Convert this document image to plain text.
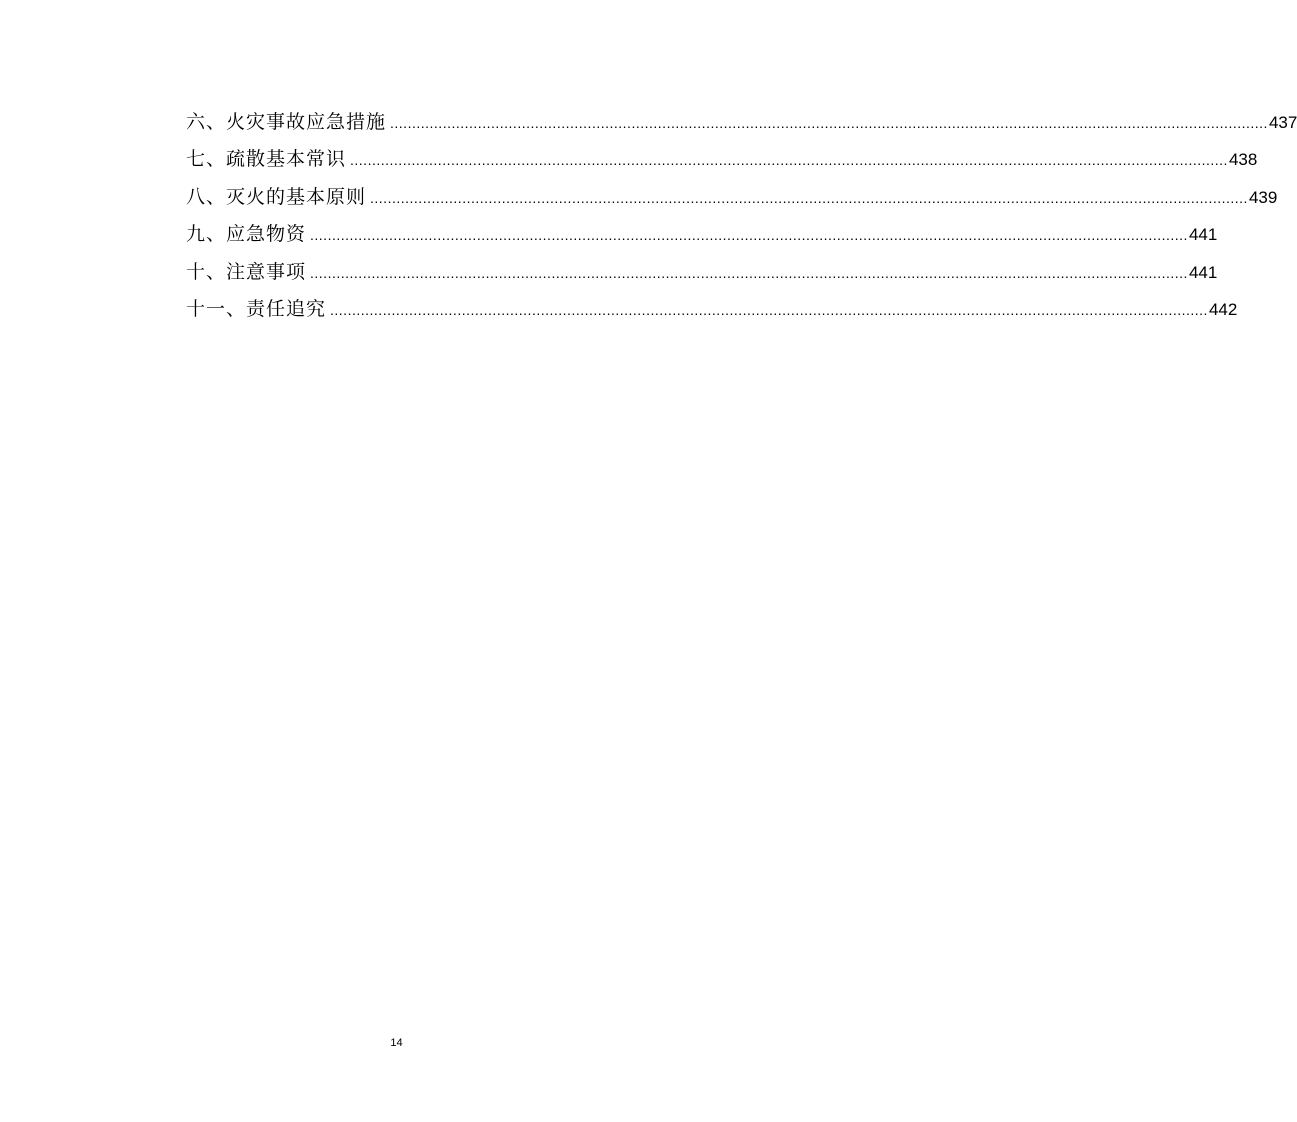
六、火灾事故应急措施 ........................................................................................................................................................................................................ 437
七、疏散基本常识 ........................................................................................................................................................................................................ 438
八、灭火的基本原则 ........................................................................................................................................................................................................ 439
九、应急物资 ........................................................................................................................................................................................................ 441
十、注意事项 ........................................................................................................................................................................................................ 441
十一、责任追究 ........................................................................................................................................................................................................ 442
14
